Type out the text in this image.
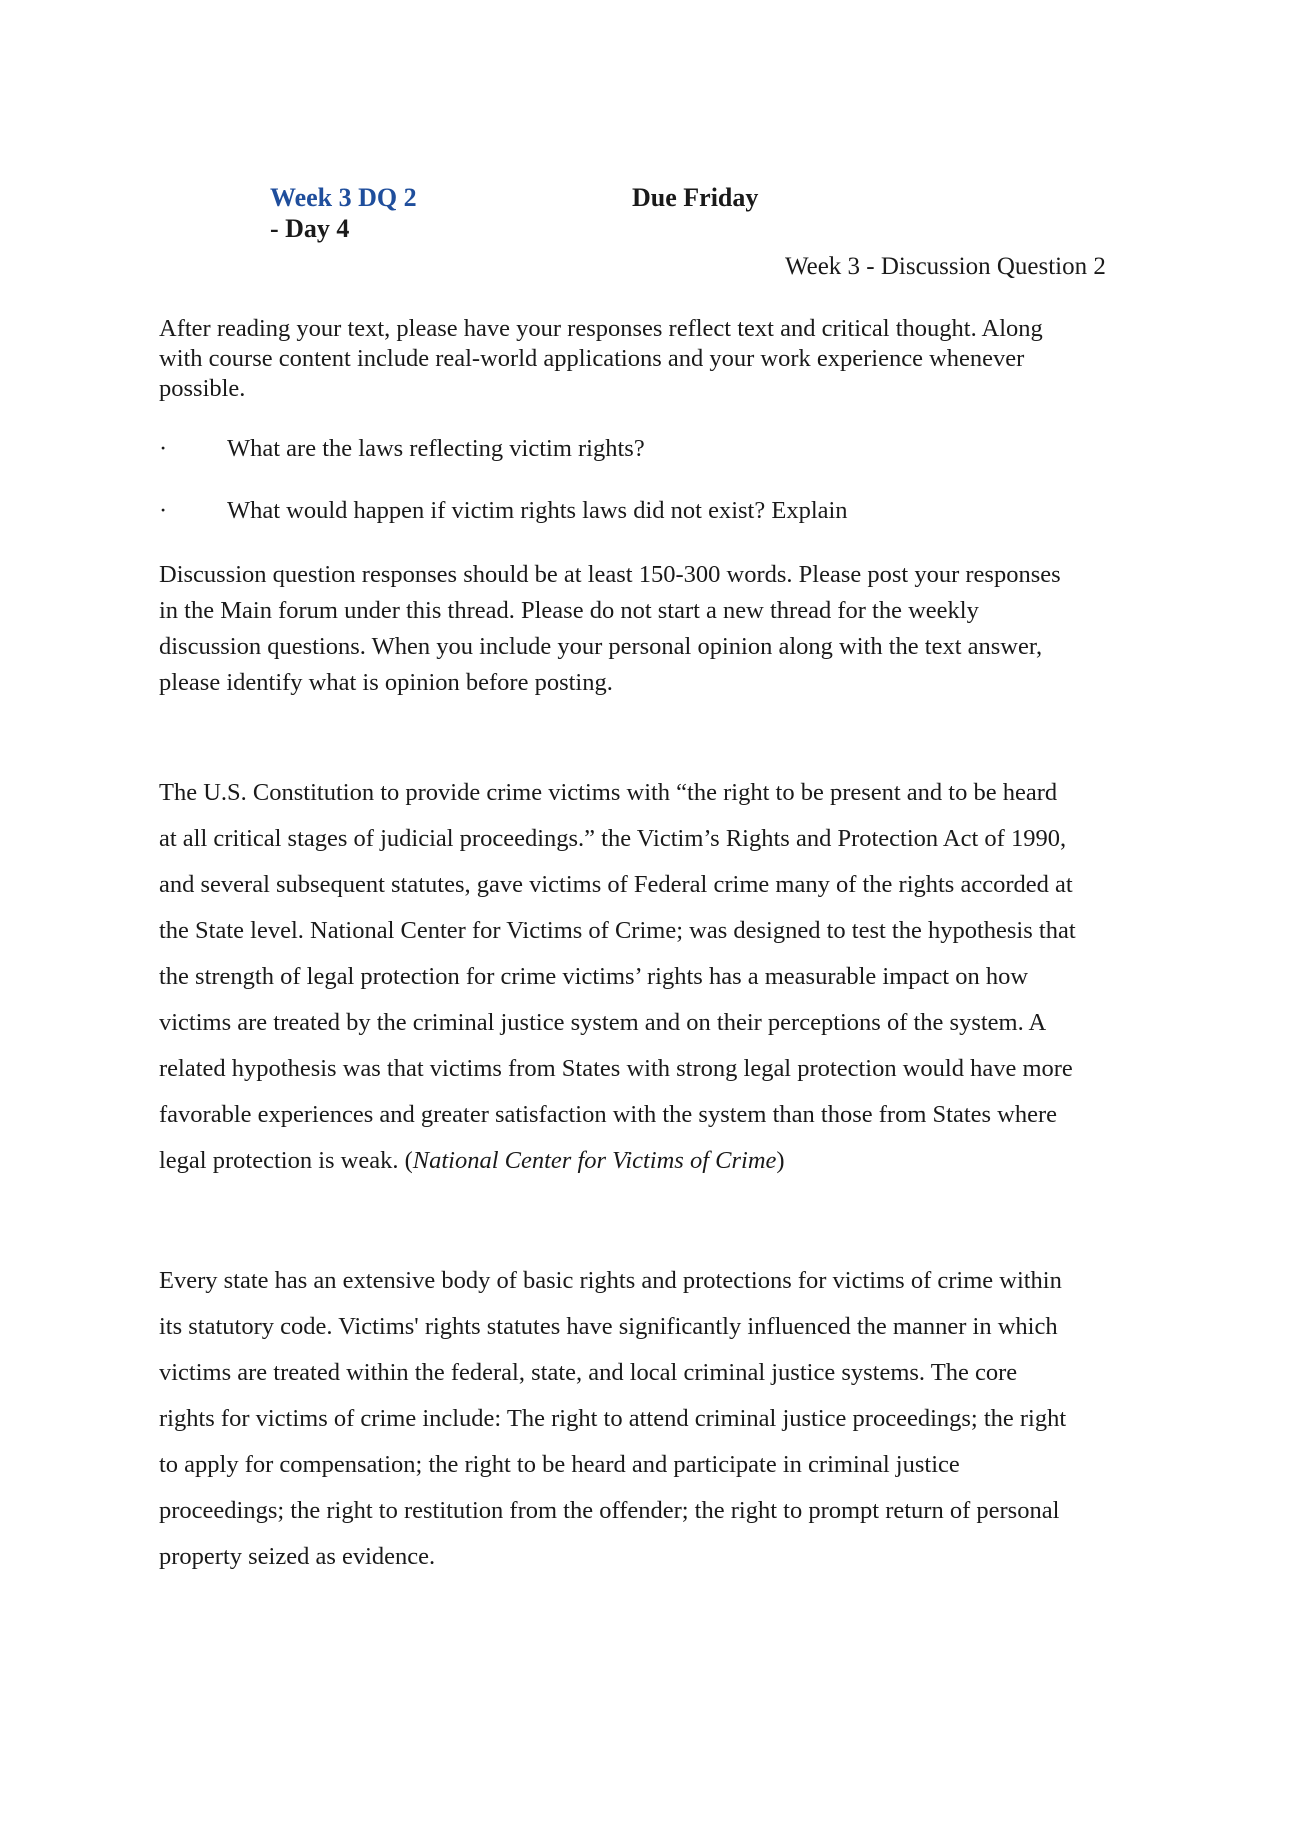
Week 3 DQ 2
- Day 4
Due Friday
Week 3 - Discussion Question 2
After reading your text, please have your responses reflect text and critical thought. Along
with course content include real-world applications and your work experience whenever
possible.
·	What are the laws reflecting victim rights?
·	What would happen if victim rights laws did not exist? Explain
Discussion question responses should be at least 150-300 words. Please post your responses
in the Main forum under this thread. Please do not start a new thread for the weekly
discussion questions. When you include your personal opinion along with the text answer,
please identify what is opinion before posting.
The U.S. Constitution to provide crime victims with “the right to be present and to be heard
at all critical stages of judicial proceedings.” the Victim’s Rights and Protection Act of 1990,
and several subsequent statutes, gave victims of Federal crime many of the rights accorded at
the State level. National Center for Victims of Crime; was designed to test the hypothesis that
the strength of legal protection for crime victims’ rights has a measurable impact on how
victims are treated by the criminal justice system and on their perceptions of the system. A
related hypothesis was that victims from States with strong legal protection would have more
favorable experiences and greater satisfaction with the system than those from States where
legal protection is weak. (National Center for Victims of Crime)
Every state has an extensive body of basic rights and protections for victims of crime within
its statutory code. Victims' rights statutes have significantly influenced the manner in which
victims are treated within the federal, state, and local criminal justice systems. The core
rights for victims of crime include: The right to attend criminal justice proceedings; the right
to apply for compensation; the right to be heard and participate in criminal justice
proceedings; the right to restitution from the offender; the right to prompt return of personal
property seized as evidence.
